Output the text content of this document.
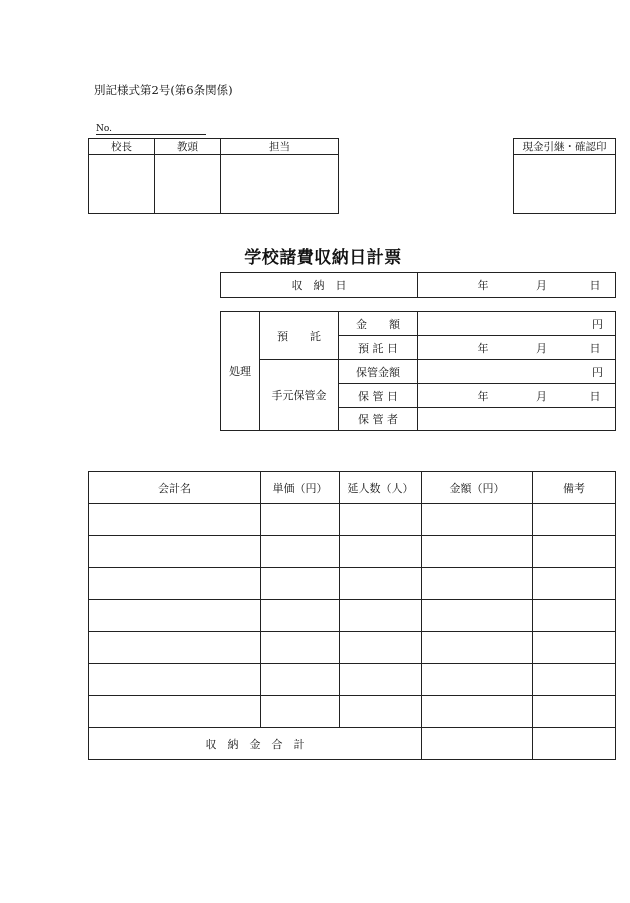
別記様式第2号(第6条関係)
No.
校長	教頭	担当
			現金引継・確認印

学校諸費収納日計票
収　納　日	年	月	日
処理	預　　託	金　　額	円
		預 託 日	年 月 日
	手元保管金	保管金額	円
		保 管 日	年 月 日
		保 管 者	
会計名	単価（円）	延人数（人）	金額（円）	備考

収　納　金　合　計				
